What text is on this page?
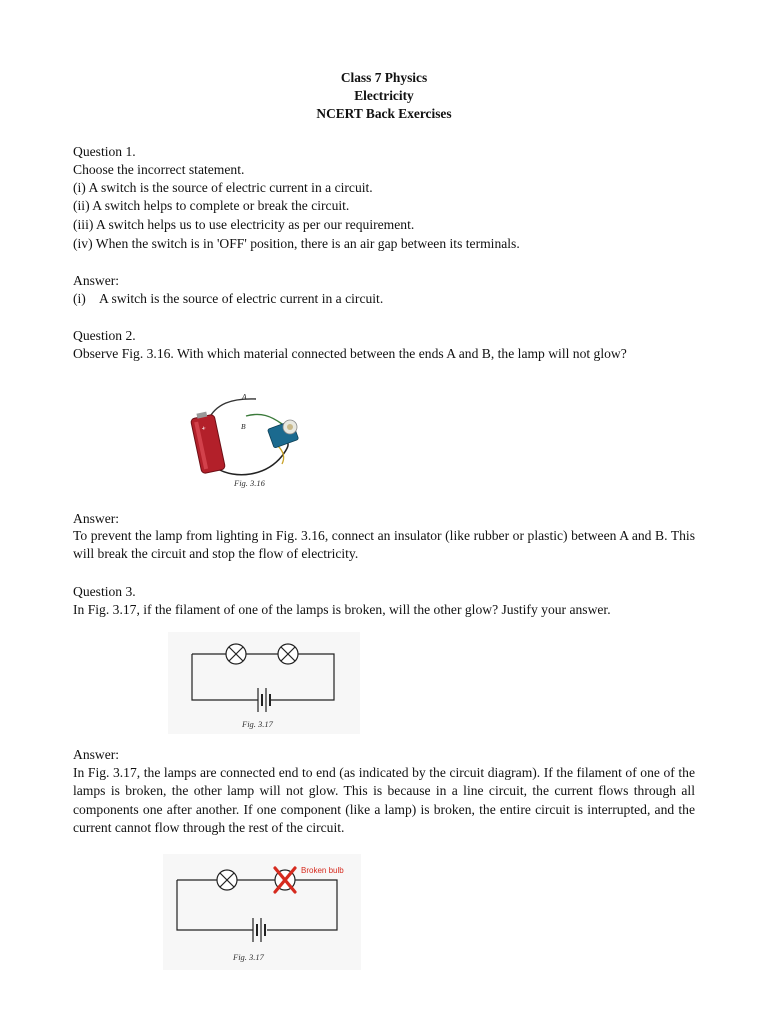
Class 7 Physics
Electricity
NCERT Back Exercises
Question 1.
Choose the incorrect statement.
(i) A switch is the source of electric current in a circuit.
(ii) A switch helps to complete or break the circuit.
(iii) A switch helps us to use electricity as per our requirement.
(iv) When the switch is in 'OFF' position, there is an air gap between its terminals.
Answer:
(i) A switch is the source of electric current in a circuit.
Question 2.
Observe Fig. 3.16. With which material connected between the ends A and B, the lamp will not glow?
+
A
B
Fig. 3.16
Answer:
To prevent the lamp from lighting in Fig. 3.16, connect an insulator (like rubber or plastic) between A and B. This will break the circuit and stop the flow of electricity.
Question 3.
In Fig. 3.17, if the filament of one of the lamps is broken, will the other glow? Justify your answer.
Fig. 3.17
Answer:
In Fig. 3.17, the lamps are connected end to end (as indicated by the circuit diagram). If the filament of one of the lamps is broken, the other lamp will not glow. This is because in a line circuit, the current flows through all components one after another. If one component (like a lamp) is broken, the entire circuit is interrupted, and the current cannot flow through the rest of the circuit.
Broken bulb
Fig. 3.17
